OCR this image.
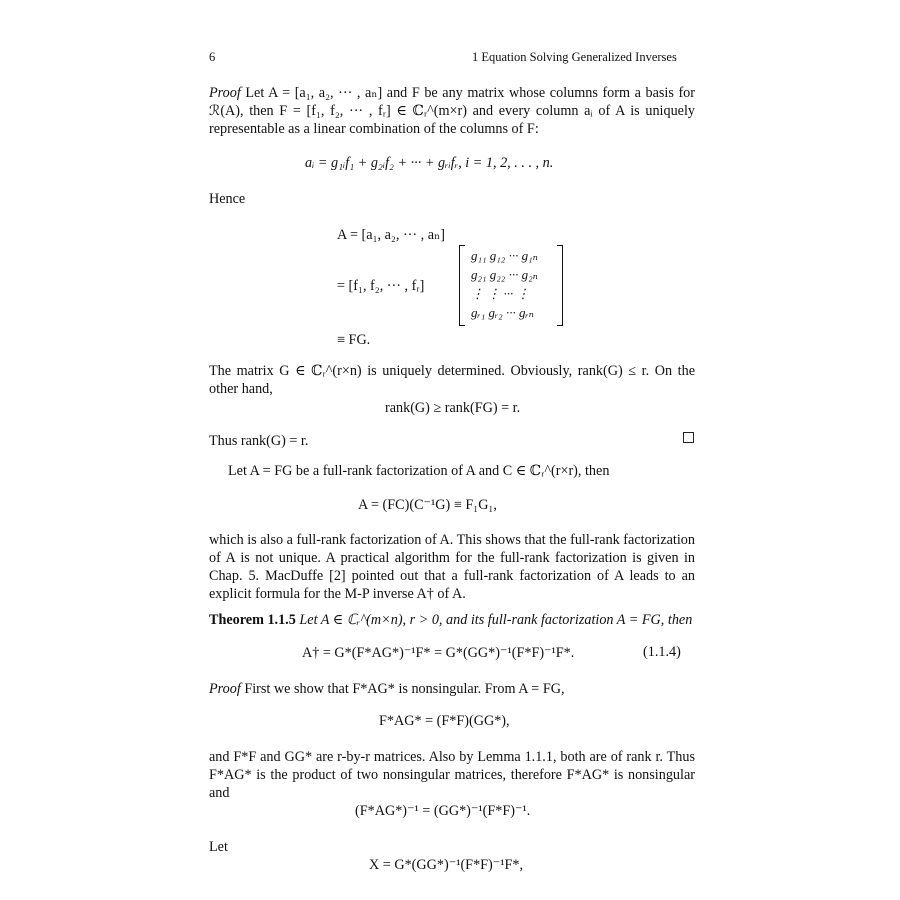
6	1 Equation Solving Generalized Inverses
Proof Let A = [a₁, a₂, ··· , aₙ] and F be any matrix whose columns form a basis for ℛ(A), then F = [f₁, f₂, ··· , fᵣ] ∈ ℂᵣ^(m×r) and every column aᵢ of A is uniquely representable as a linear combination of the columns of F:
aᵢ = g₁ᵢf₁ + g₂ᵢf₂ + ··· + gᵣᵢfᵣ, i = 1, 2, . . . , n.
Hence
A = [a₁, a₂, ··· , aₙ]
= [f₁, f₂, ··· , fᵣ]
≡ FG.
g₁₁ g₁₂ ··· g₁ₙ
g₂₁ g₂₂ ··· g₂ₙ
⋮ ⋮ ··· ⋮
gᵣ₁ gᵣ₂ ··· gᵣₙ
The matrix G ∈ ℂᵣ^(r×n) is uniquely determined. Obviously, rank(G) ≤ r. On the other hand,
rank(G) ≥ rank(FG) = r.
Thus rank(G) = r.
Let A = FG be a full-rank factorization of A and C ∈ ℂᵣ^(r×r), then
A = (FC)(C⁻¹G) ≡ F₁G₁,
which is also a full-rank factorization of A. This shows that the full-rank factorization of A is not unique. A practical algorithm for the full-rank factorization is given in Chap. 5. MacDuffe [2] pointed out that a full-rank factorization of A leads to an explicit formula for the M-P inverse A† of A.
Theorem 1.1.5 Let A ∈ ℂᵣ^(m×n), r > 0, and its full-rank factorization A = FG, then
A† = G*(F*AG*)⁻¹F* = G*(GG*)⁻¹(F*F)⁻¹F*.	(1.1.4)
Proof First we show that F*AG* is nonsingular. From A = FG,
F*AG* = (F*F)(GG*),
and F*F and GG* are r-by-r matrices. Also by Lemma 1.1.1, both are of rank r. Thus F*AG* is the product of two nonsingular matrices, therefore F*AG* is nonsingular and
(F*AG*)⁻¹ = (GG*)⁻¹(F*F)⁻¹.
Let
X = G*(GG*)⁻¹(F*F)⁻¹F*,
